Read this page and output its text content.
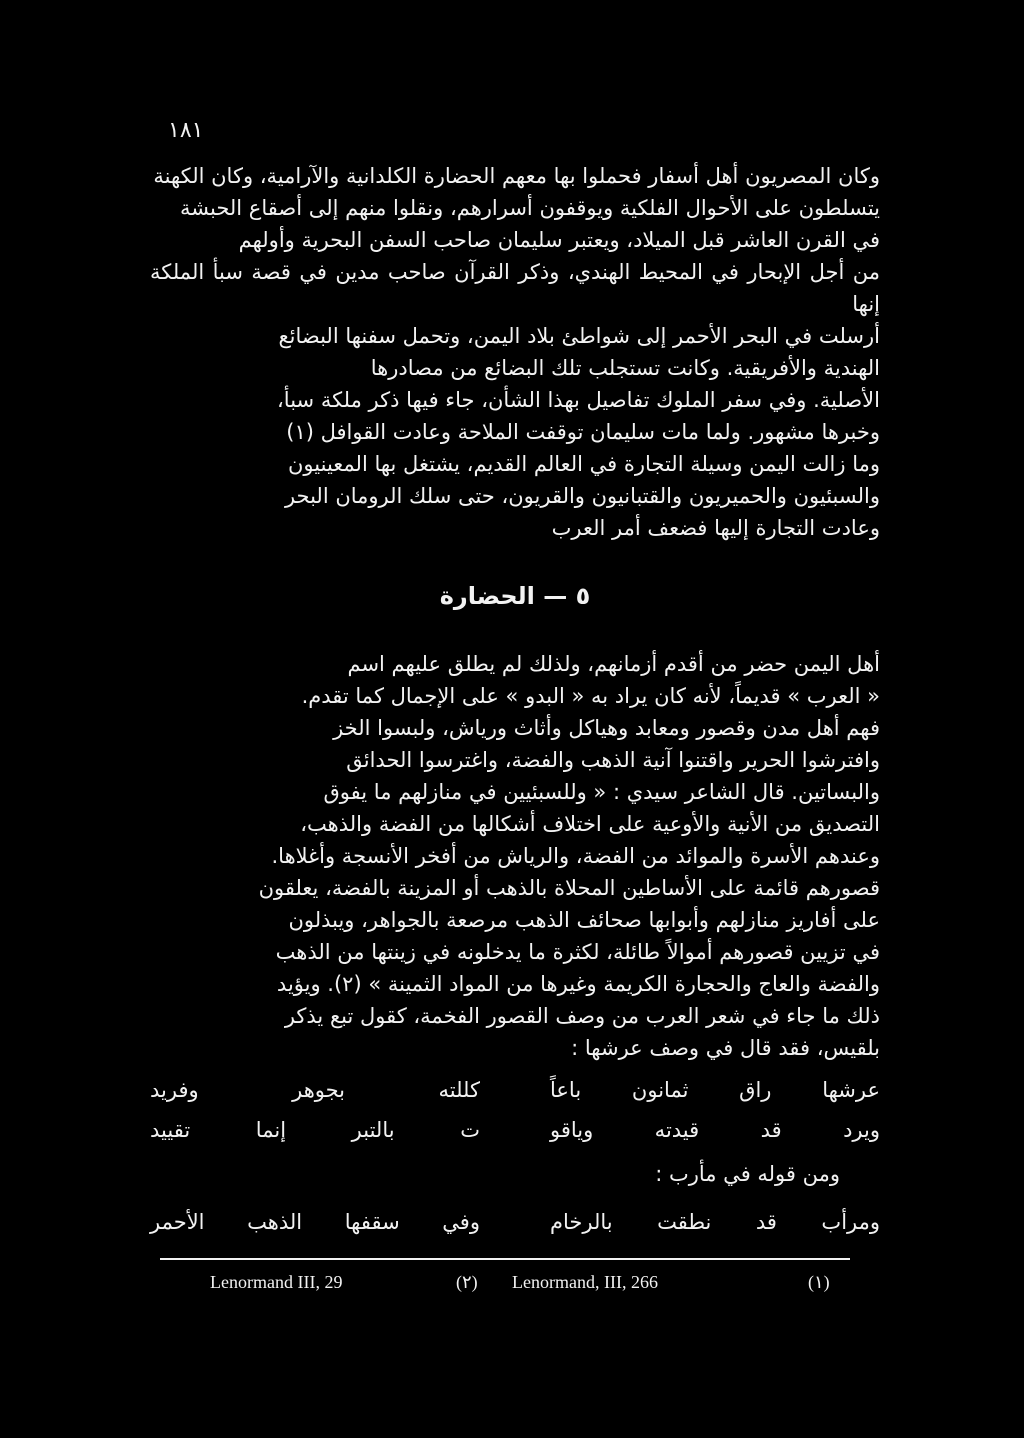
١٨١

وكان المصريون أهل أسفار فحملوا بها معهم الحضارة الكلدانية والآرامية، وكان الكهنة

يتسلطون على الأحوال الفلكية ويوقفون أسرارهم، ونقلوا منهم إلى أصقاع الحبشة

في القرن العاشر قبل الميلاد، ويعتبر سليمان صاحب السفن البحرية وأولهم

من أجل الإبحار في المحيط الهندي، وذكر القرآن صاحب مدين في قصة سبأ الملكة إنها

أرسلت في البحر الأحمر إلى شواطئ بلاد اليمن، وتحمل سفنها البضائع

الهندية والأفريقية. وكانت تستجلب تلك البضائع من مصادرها

الأصلية. وفي سفر الملوك تفاصيل بهذا الشأن، جاء فيها ذكر ملكة سبأ،

وخبرها مشهور. ولما مات سليمان توقفت الملاحة وعادت القوافل (١)

وما زالت اليمن وسيلة التجارة في العالم القديم، يشتغل بها المعينيون

والسبئيون والحميريون والقتبانيون والقريون، حتى سلك الرومان البحر

وعادت التجارة إليها فضعف أمر العرب

٥ — الحضارة

أهل اليمن حضر من أقدم أزمانهم، ولذلك لم يطلق عليهم اسم

« العرب » قديماً، لأنه كان يراد به « البدو » على الإجمال كما تقدم.

فهم أهل مدن وقصور ومعابد وهياكل وأثاث ورياش، ولبسوا الخز

وافترشوا الحرير واقتنوا آنية الذهب والفضة، واغترسوا الحدائق

والبساتين. قال الشاعر سيدي : « وللسبئيين في منازلهم ما يفوق

التصديق من الأنية والأوعية على اختلاف أشكالها من الفضة والذهب،

وعندهم الأسرة والموائد من الفضة، والرياش من أفخر الأنسجة وأغلاها.

قصورهم قائمة على الأساطين المحلاة بالذهب أو المزينة بالفضة، يعلقون

على أفاريز منازلهم وأبوابها صحائف الذهب مرصعة بالجواهر، ويبذلون

في تزيين قصورهم أموالاً طائلة، لكثرة ما يدخلونه في زينتها من الذهب

والفضة والعاج والحجارة الكريمة وغيرها من المواد الثمينة » (٢). ويؤيد

ذلك ما جاء في شعر العرب من وصف القصور الفخمة، كقول تبع يذكر

بلقيس، فقد قال في وصف عرشها :

عرشها راق ثمانون باعاً
كللته بجوهر وفريد
ويرد قد قيدته وياقو
ت بالتبر إنما تقييد
ومن قوله في مأرب :
ومرأب قد نطقت بالرخام
وفي سقفها الذهب الأحمر
Lenormand, III, 266	(١)
Lenormand III, 29	(٢)
